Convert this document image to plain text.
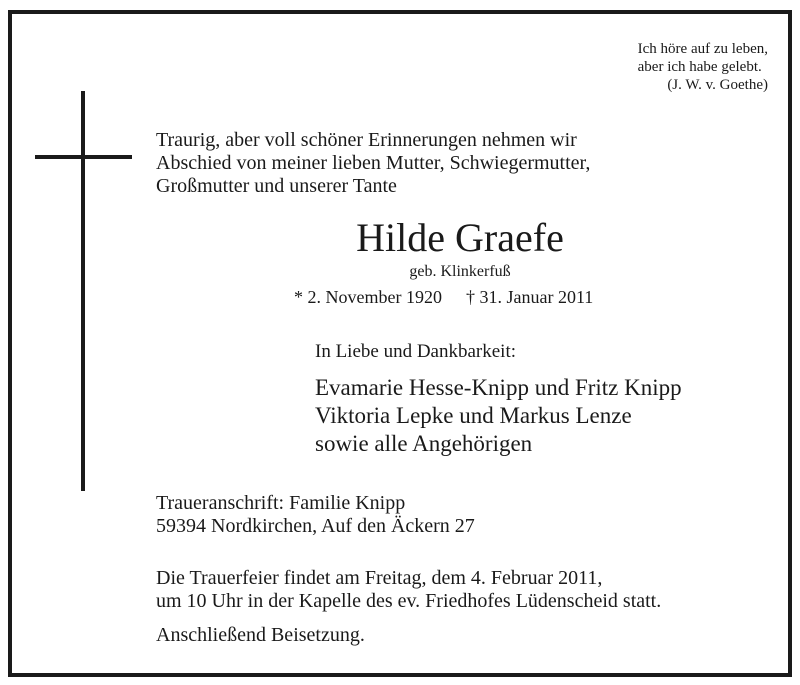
Ich höre auf zu leben,
aber ich habe gelebt.
(J. W. v. Goethe)
Traurig, aber voll schöner Erinnerungen nehmen wir
Abschied von meiner lieben Mutter, Schwiegermutter,
Großmutter und unserer Tante
Hilde Graefe
geb. Klinkerfuß
* 2. November 1920 † 31. Januar 2011
In Liebe und Dankbarkeit:
Evamarie Hesse-Knipp und Fritz Knipp
Viktoria Lepke und Markus Lenze
sowie alle Angehörigen
Traueranschrift: Familie Knipp
59394 Nordkirchen, Auf den Äckern 27
Die Trauerfeier findet am Freitag, dem 4. Februar 2011,
um 10 Uhr in der Kapelle des ev. Friedhofes Lüdenscheid statt.
Anschließend Beisetzung.
